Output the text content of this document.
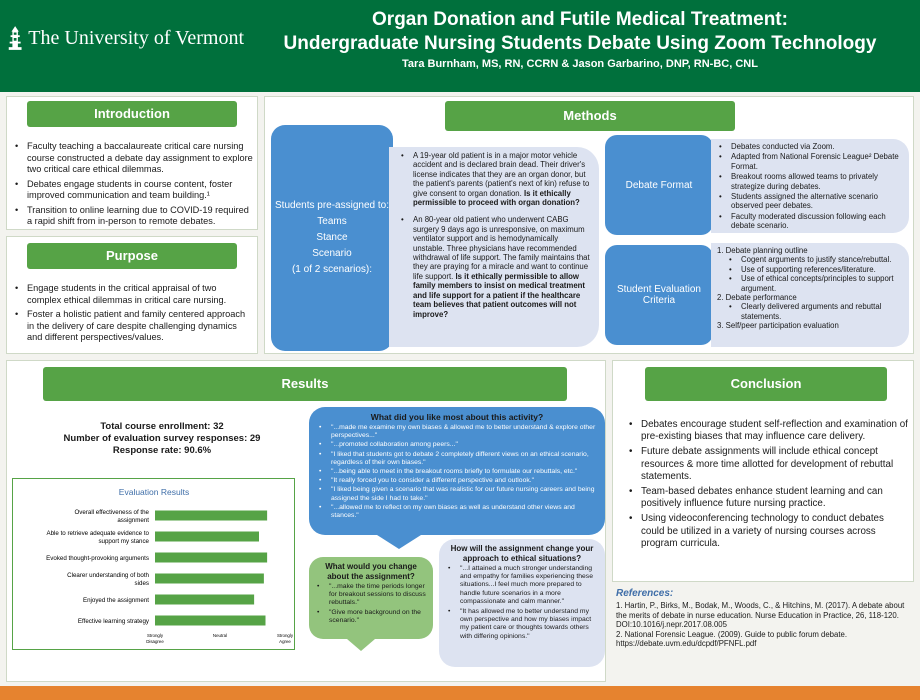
The University of Vermont
Organ Donation and Futile Medical Treatment:
Undergraduate Nursing Students Debate Using Zoom Technology
Tara Burnham, MS, RN, CCRN & Jason Garbarino, DNP, RN-BC, CNL
Introduction
• Faculty teaching a baccalaureate critical care nursing course constructed a debate day assignment to explore two critical care ethical dilemmas.
• Debates engage students in course content, foster improved communication and team building.¹
• Transition to online learning due to COVID-19 required a rapid shift from in-person to remote debates.
Purpose
• Engage students in the critical appraisal of two complex ethical dilemmas in critical care nursing.
• Foster a holistic patient and family centered approach in the delivery of care despite challenging dynamics and different perspectives/values.
Methods
Students pre-assigned to:
Teams
Stance
Scenario
(1 of 2 scenarios):
• A 19-year old patient is in a major motor vehicle accident and is declared brain dead. Their driver's license indicates that they are an organ donor, but the patient's parents (patient's next of kin) refuse to give consent to organ donation. Is it ethically permissible to proceed with organ donation?
• An 80-year old patient who underwent CABG surgery 9 days ago is unresponsive, on maximum ventilator support and is hemodynamically unstable. Three physicians have recommended withdrawal of life support. The family maintains that they are praying for a miracle and want to continue life support. Is it ethically permissible to allow family members to insist on medical treatment and life support for a patient if the healthcare team believes that patient outcomes will not improve?
Debate Format
• Debates conducted via Zoom.
• Adapted from National Forensic League² Debate Format.
• Breakout rooms allowed teams to privately strategize during debates.
• Students assigned the alternative scenario observed peer debates.
• Faculty moderated discussion following each debate scenario.
Student Evaluation Criteria
1. Debate planning outline
• Cogent arguments to justify stance/rebuttal.
• Use of supporting references/literature.
• Use of ethical concepts/principles to support argument.
2. Debate performance
• Clearly delivered arguments and rebuttal statements.
3. Self/peer participation evaluation
Results
Total course enrollment: 32
Number of evaluation survey responses: 29
Response rate: 90.6%
What did you like most about this activity?
• "...made me examine my own biases & allowed me to better understand & explore other perspectives..."
• "...promoted collaboration among peers..."
• "I liked that students got to debate 2 completely different views on an ethical scenario, regardless of their own biases."
• "...being able to meet in the breakout rooms briefly to formulate our rebuttals, etc."
• "It really forced you to consider a different perspective and outlook."
• "I liked being given a scenario that was realistic for our future nursing careers and being assigned the side I had to take."
• "...allowed me to reflect on my own biases as well as understand other views and stances."
What would you change about the assignment?
• "...make the time periods longer for breakout sessions to discuss rebuttals."
• "Give more background on the scenario."
How will the assignment change your approach to ethical situations?
• "...I attained a much stronger understanding and empathy for families experiencing these situations...I feel much more prepared to handle future scenarios in a more compassionate and calm manner."
• "It has allowed me to better understand my own perspective and how my biases impact my patient care or thoughts towards others with differing opinions."
Evaluation Results
Overall effectiveness of the
assignment
Able to retrieve adequate evidence to
support my stance
Evoked thought-provoking arguments
Clearer understanding of both
sides
Enjoyed the assignment
Effective learning strategy
Strongly
Disagree
Neutral	Strongly
Agree
Conclusion
• Debates encourage student self-reflection and examination of pre-existing biases that may influence care delivery.
• Future debate assignments will include ethical concept resources & more time allotted for development of rebuttal statements.
• Team-based debates enhance student learning and can positively influence future nursing practice.
• Using videoconferencing technology to conduct debates could be utilized in a variety of nursing courses across program curricula.
References:
1. Hartin, P., Birks, M., Bodak, M., Woods, C., & Hitchins, M. (2017). A debate about the merits of debate in nurse education. Nurse Education in Practice, 26, 118-120. DOI:10.1016/j.nepr.2017.08.005
2. National Forensic League. (2009). Guide to public forum debate. https://debate.uvm.edu/dcpdf/PFNFL.pdf
